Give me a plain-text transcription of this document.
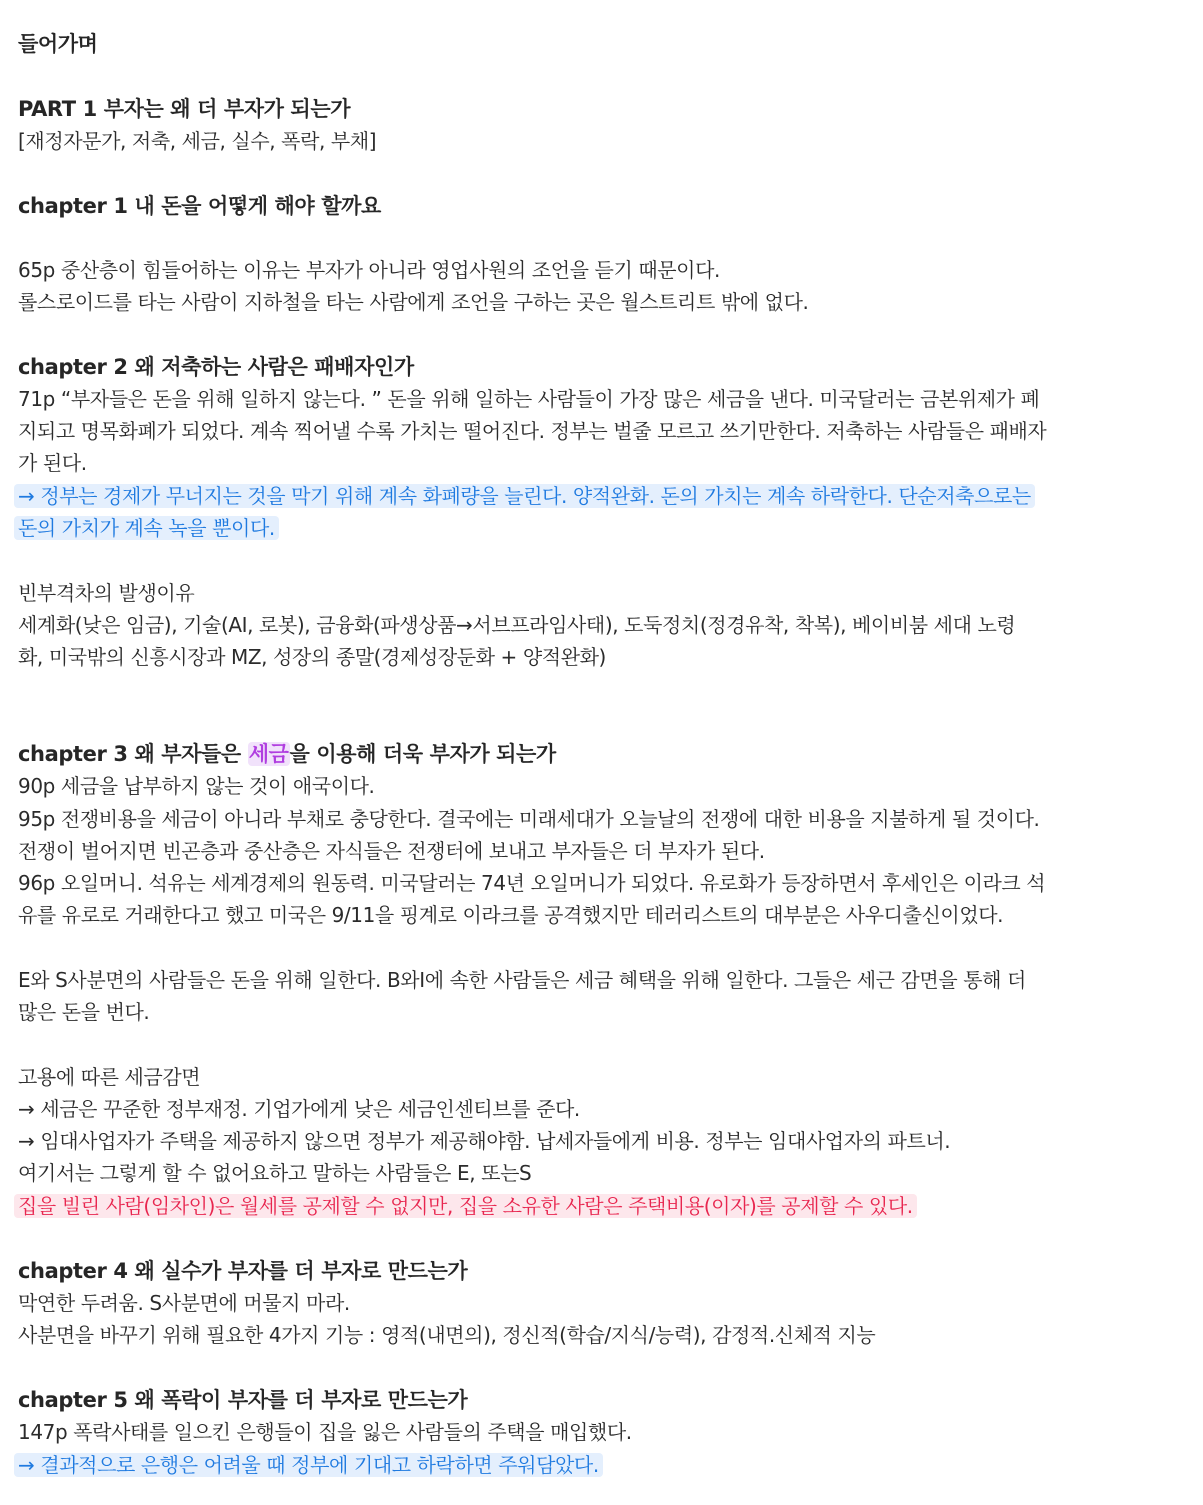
들어가며
PART 1 부자는 왜 더 부자가 되는가
[재정자문가, 저축, 세금, 실수, 폭락, 부채]
chapter 1 내 돈을 어떻게 해야 할까요
65p 중산층이 힘들어하는 이유는 부자가 아니라 영업사원의 조언을 듣기 때문이다.
롤스로이드를 타는 사람이 지하철을 타는 사람에게 조언을 구하는 곳은 월스트리트 밖에 없다.
chapter 2 왜 저축하는 사람은 패배자인가
71p “부자들은 돈을 위해 일하지 않는다. ” 돈을 위해 일하는 사람들이 가장 많은 세금을 낸다. 미국달러는 금본위제가 폐
지되고 명목화폐가 되었다. 계속 찍어낼 수록 가치는 떨어진다. 정부는 벌줄 모르고 쓰기만한다. 저축하는 사람들은 패배자
가 된다.
→ 정부는 경제가 무너지는 것을 막기 위해 계속 화폐량을 늘린다. 양적완화. 돈의 가치는 계속 하락한다. 단순저축으로는
돈의 가치가 계속 녹을 뿐이다.
빈부격차의 발생이유
세계화(낮은 임금), 기술(AI, 로봇), 금융화(파생상품→서브프라임사태), 도둑정치(정경유착, 착복), 베이비붐 세대 노령
화, 미국밖의 신흥시장과 MZ, 성장의 종말(경제성장둔화 + 양적완화)
chapter 3 왜 부자들은 세금을 이용해 더욱 부자가 되는가
90p 세금을 납부하지 않는 것이 애국이다.
95p 전쟁비용을 세금이 아니라 부채로 충당한다. 결국에는 미래세대가 오늘날의 전쟁에 대한 비용을 지불하게 될 것이다.
전쟁이 벌어지면 빈곤층과 중산층은 자식들은 전쟁터에 보내고 부자들은 더 부자가 된다.
96p 오일머니. 석유는 세계경제의 원동력. 미국달러는 74년 오일머니가 되었다. 유로화가 등장하면서 후세인은 이라크 석
유를 유로로 거래한다고 했고 미국은 9/11을 핑계로 이라크를 공격했지만 테러리스트의 대부분은 사우디출신이었다.
E와 S사분면의 사람들은 돈을 위해 일한다. B와I에 속한 사람들은 세금 혜택을 위해 일한다. 그들은 세근 감면을 통해 더
많은 돈을 번다.
고용에 따른 세금감면
→ 세금은 꾸준한 정부재정. 기업가에게 낮은 세금인센티브를 준다.
→ 임대사업자가 주택을 제공하지 않으면 정부가 제공해야함. 납세자들에게 비용. 정부는 임대사업자의 파트너.
여기서는 그렇게 할 수 없어요하고 말하는 사람들은 E, 또는S
집을 빌린 사람(임차인)은 월세를 공제할 수 없지만, 집을 소유한 사람은 주택비용(이자)를 공제할 수 있다.
chapter 4 왜 실수가 부자를 더 부자로 만드는가
막연한 두려움. S사분면에 머물지 마라.
사분면을 바꾸기 위해 필요한 4가지 기능 : 영적(내면의), 정신적(학습/지식/능력), 감정적.신체적 지능
chapter 5 왜 폭락이 부자를 더 부자로 만드는가
147p 폭락사태를 일으킨 은행들이 집을 잃은 사람들의 주택을 매입했다.
→ 결과적으로 은행은 어려울 때 정부에 기대고 하락하면 주워담았다.
